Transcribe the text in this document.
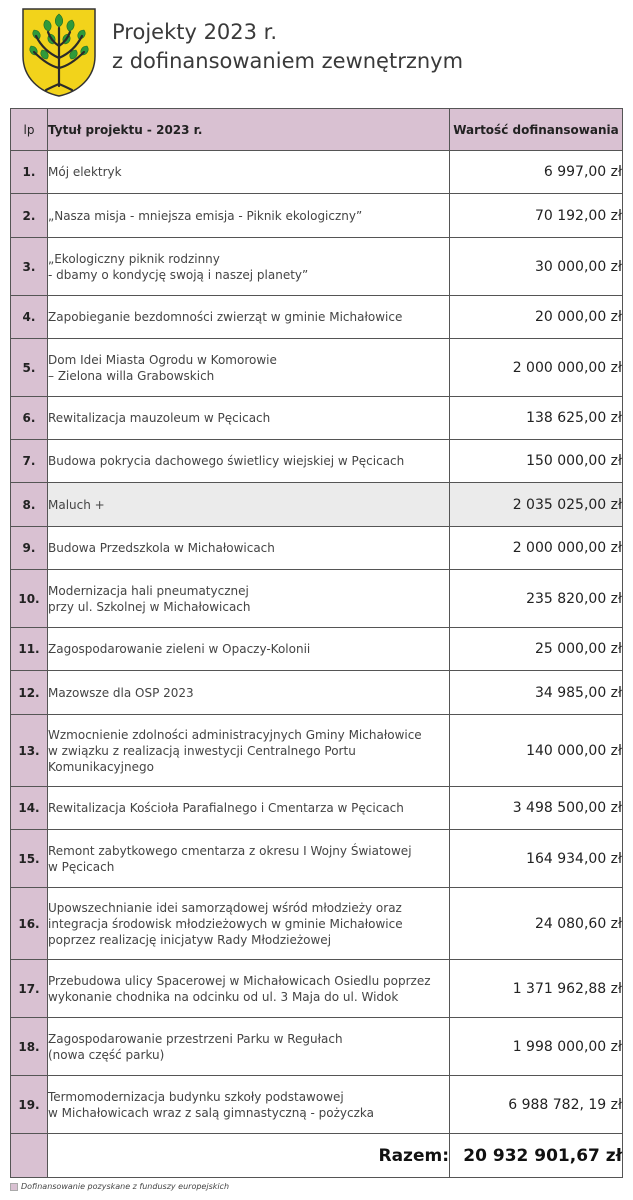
Projekty 2023 r.
z dofinansowaniem zewnętrznym
lp	Tytuł projektu - 2023 r.	Wartość dofinansowania
1.	Mój elektryk	6 997,00 zł
2.	„Nasza misja - mniejsza emisja - Piknik ekologiczny”	70 192,00 zł
3.	„Ekologiczny piknik rodzinny
- dbamy o kondycję swoją i naszej planety”	30 000,00 zł
4.	Zapobieganie bezdomności zwierząt w gminie Michałowice	20 000,00 zł
5.	Dom Idei Miasta Ogrodu w Komorowie
– Zielona willa Grabowskich	2 000 000,00 zł
6.	Rewitalizacja mauzoleum w Pęcicach	138 625,00 zł
7.	Budowa pokrycia dachowego świetlicy wiejskiej w Pęcicach	150 000,00 zł
8.	Maluch +	2 035 025,00 zł
9.	Budowa Przedszkola w Michałowicach	2 000 000,00 zł
10.	Modernizacja hali pneumatycznej
przy ul. Szkolnej w Michałowicach	235 820,00 zł
11.	Zagospodarowanie zieleni w Opaczy-Kolonii	25 000,00 zł
12.	Mazowsze dla OSP 2023	34 985,00 zł
13.	Wzmocnienie zdolności administracyjnych Gminy Michałowice
w związku z realizacją inwestycji Centralnego Portu
Komunikacyjnego	140 000,00 zł
14.	Rewitalizacja Kościoła Parafialnego i Cmentarza w Pęcicach	3 498 500,00 zł
15.	Remont zabytkowego cmentarza z okresu I Wojny Światowej
w Pęcicach	164 934,00 zł
16.	Upowszechnianie idei samorządowej wśród młodzieży oraz
integracja środowisk młodzieżowych w gminie Michałowice
poprzez realizację inicjatyw Rady Młodzieżowej	24 080,60 zł
17.	Przebudowa ulicy Spacerowej w Michałowicach Osiedlu poprzez
wykonanie chodnika na odcinku od ul. 3 Maja do ul. Widok	1 371 962,88 zł
18.	Zagospodarowanie przestrzeni Parku w Regułach
(nowa część parku)	1 998 000,00 zł
19.	Termomodernizacja budynku szkoły podstawowej
w Michałowicach wraz z salą gimnastyczną - pożyczka	6 988 782, 19 zł
	Razem:	20 932 901,67 zł
Dofinansowanie pozyskane z funduszy europejskich
